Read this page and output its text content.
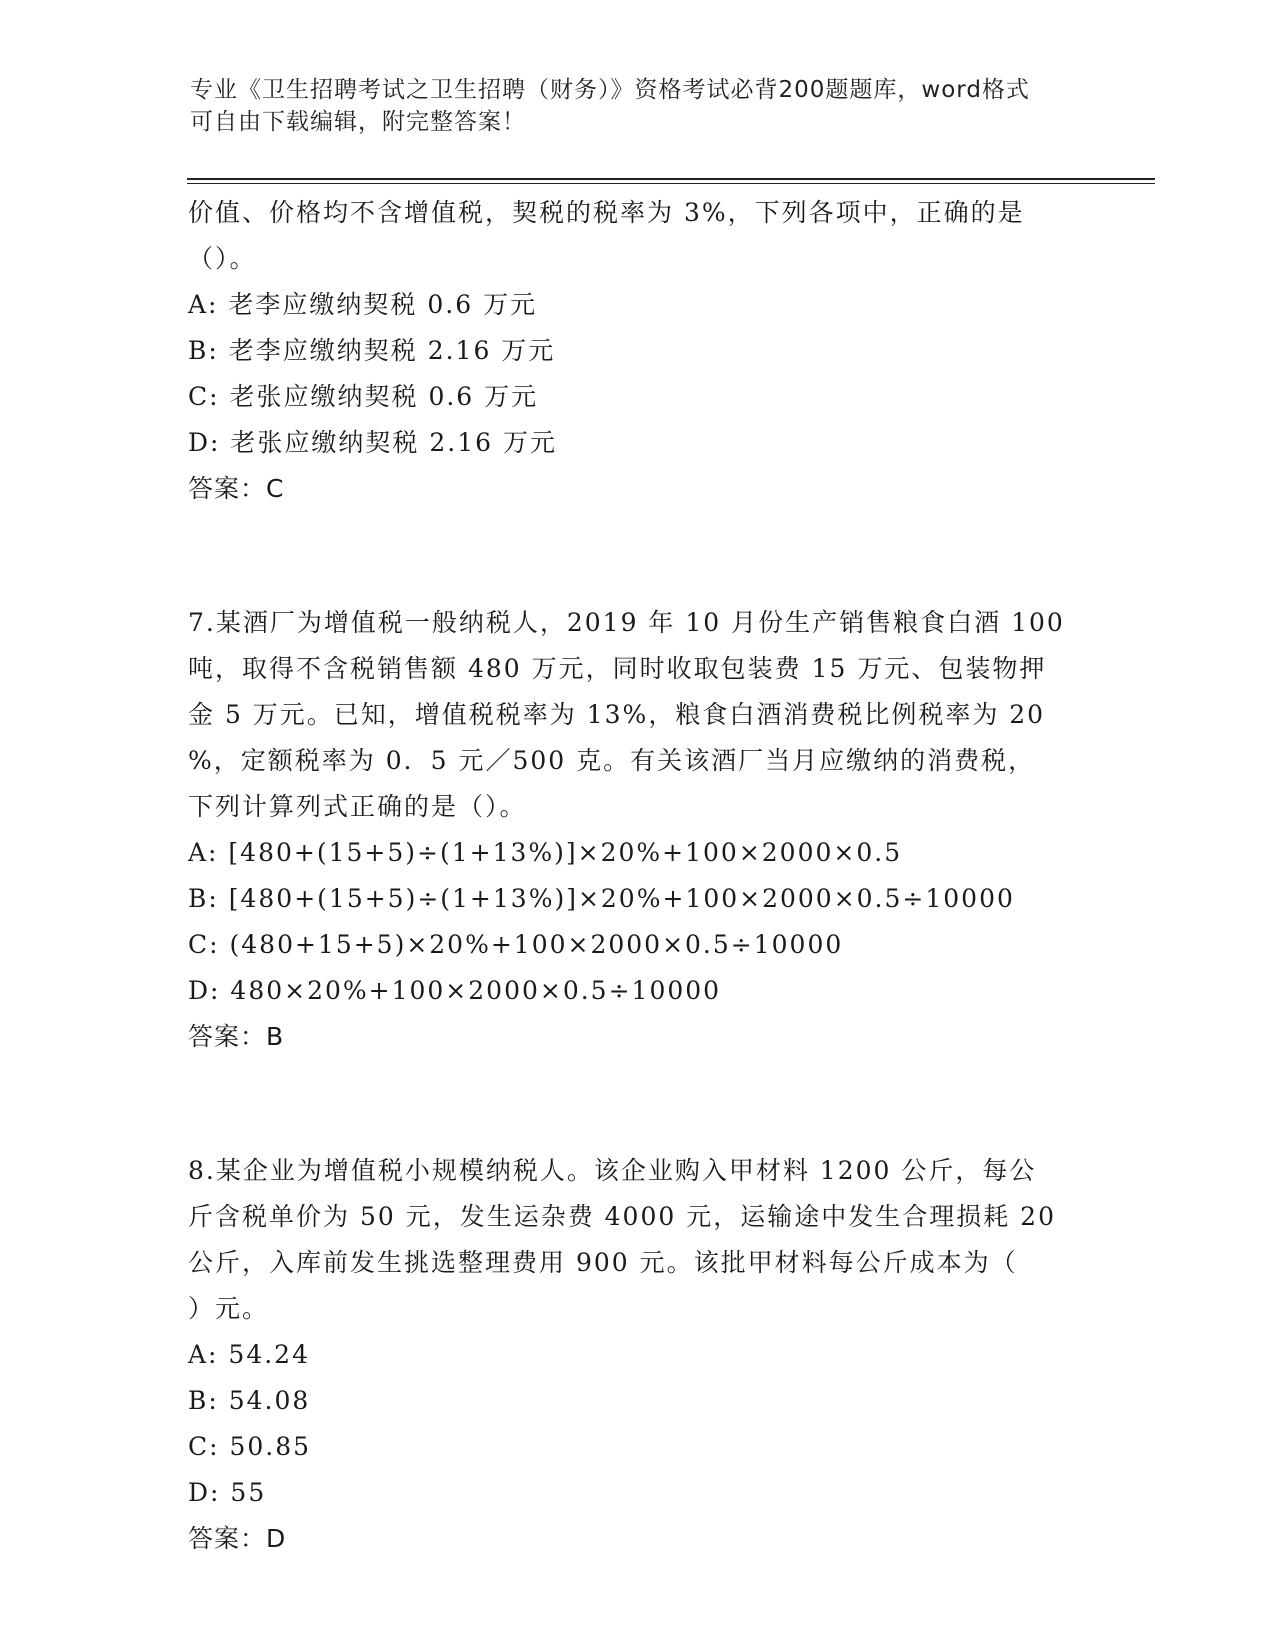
专业《卫生招聘考试之卫生招聘（财务）》资格考试必背200题题库，word格式
可自由下载编辑，附完整答案！
价值、价格均不含增值税，契税的税率为 3%，下列各项中，正确的是
（）。
A: 老李应缴纳契税 0.6 万元
B: 老李应缴纳契税 2.16 万元
C: 老张应缴纳契税 0.6 万元
D: 老张应缴纳契税 2.16 万元
答案：C
7.某酒厂为增值税一般纳税人，2019 年 10 月份生产销售粮食白酒 100
吨，取得不含税销售额 480 万元，同时收取包装费 15 万元、包装物押
金 5 万元。已知，增值税税率为 13%，粮食白酒消费税比例税率为 20
%，定额税率为 0．5 元／500 克。有关该酒厂当月应缴纳的消费税，
下列计算列式正确的是（）。
A: [480+(15+5)÷(1+13%)]×20%+100×2000×0.5
B: [480+(15+5)÷(1+13%)]×20%+100×2000×0.5÷10000
C: (480+15+5)×20%+100×2000×0.5÷10000
D: 480×20%+100×2000×0.5÷10000
答案：B
8.某企业为增值税小规模纳税人。该企业购入甲材料 1200 公斤，每公
斤含税单价为 50 元，发生运杂费 4000 元，运输途中发生合理损耗 20
公斤，入库前发生挑选整理费用 900 元。该批甲材料每公斤成本为（
）元。
A: 54.24
B: 54.08
C: 50.85
D: 55
答案：D
